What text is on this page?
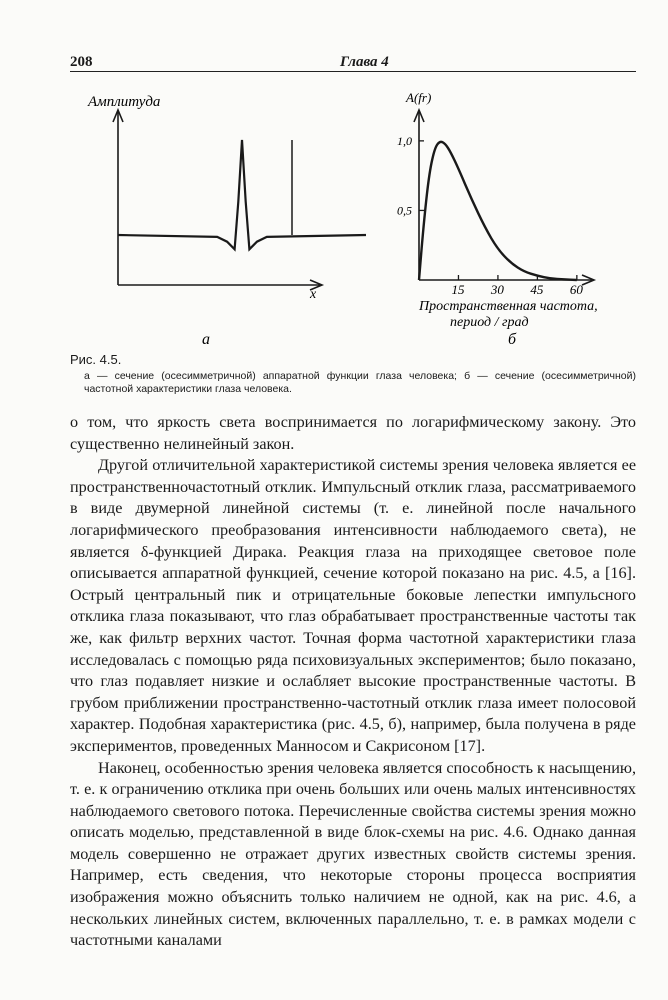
208	Глава 4
Амплитуда
x
а
A(fr)
15 30 45 60
0,5
1,0
Пространственная частота,
период / град
б
Рис. 4.5.
а — сечение (осесимметричной) аппаратной функции глаза человека; б — сечение (осесимметричной) частотной характеристики глаза человека.

о том, что яркость света воспринимается по логарифмическому закону. Это существенно нелинейный закон.

Другой отличительной характеристикой системы зрения человека является ее пространственночастотный отклик. Импульсный отклик глаза, рассматриваемого в виде двумерной линейной системы (т. е. линейной после начального логарифмического преобразования интенсивности наблюдаемого света), не является δ-функцией Дирака. Реакция глаза на приходящее световое поле описывается аппаратной функцией, сечение которой показано на рис. 4.5, а [16]. Острый центральный пик и отрицательные боковые лепестки импульсного отклика глаза показывают, что глаз обрабатывает пространственные частоты так же, как фильтр верхних частот. Точная форма частотной характеристики глаза исследовалась с помощью ряда психовизуальных экспериментов; было показано, что глаз подавляет низкие и ослабляет высокие пространственные частоты. В грубом приближении пространственно-частотный отклик глаза имеет полосовой характер. Подобная характеристика (рис. 4.5, б), например, была получена в ряде экспериментов, проведенных Манносом и Сакрисоном [17].

Наконец, особенностью зрения человека является способность к насыщению, т. е. к ограничению отклика при очень больших или очень малых интенсивностях наблюдаемого светового потока. Перечисленные свойства системы зрения можно описать моделью, представленной в виде блок-схемы на рис. 4.6. Однако данная модель совершенно не отражает других известных свойств системы зрения. Например, есть сведения, что некоторые стороны процесса восприятия изображения можно объяснить только наличием не одной, как на рис. 4.6, а нескольких линейных систем, включенных параллельно, т. е. в рамках модели с частотными каналами
